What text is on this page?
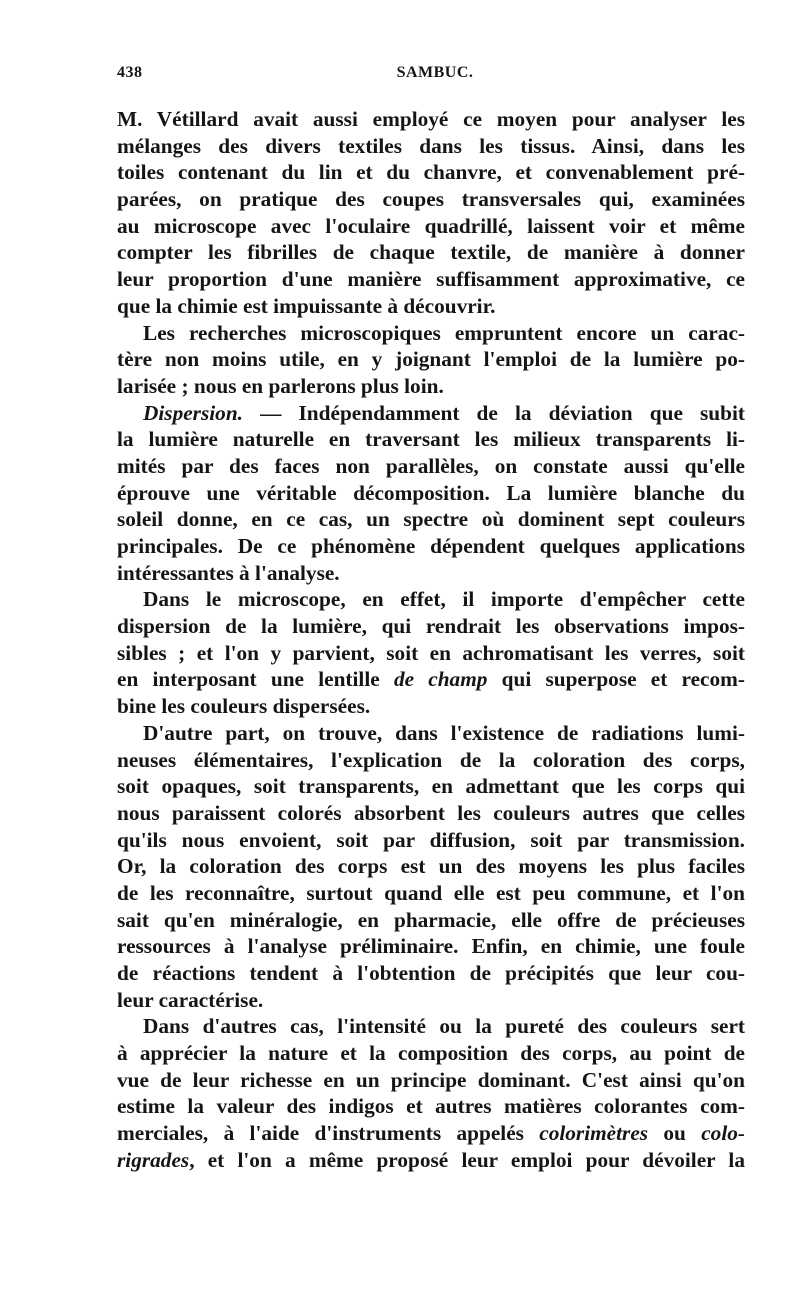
438	SAMBUC.
M. Vétillard avait aussi employé ce moyen pour analyser les
mélanges des divers textiles dans les tissus. Ainsi, dans les
toiles contenant du lin et du chanvre, et convenablement pré-
parées, on pratique des coupes transversales qui, examinées
au microscope avec l'oculaire quadrillé, laissent voir et même
compter les fibrilles de chaque textile, de manière à donner
leur proportion d'une manière suffisamment approximative, ce
que la chimie est impuissante à découvrir.
Les recherches microscopiques empruntent encore un carac-
tère non moins utile, en y joignant l'emploi de la lumière po-
larisée ; nous en parlerons plus loin.
Dispersion. — Indépendamment de la déviation que subit
la lumière naturelle en traversant les milieux transparents li-
mités par des faces non parallèles, on constate aussi qu'elle
éprouve une véritable décomposition. La lumière blanche du
soleil donne, en ce cas, un spectre où dominent sept couleurs
principales. De ce phénomène dépendent quelques applications
intéressantes à l'analyse.
Dans le microscope, en effet, il importe d'empêcher cette
dispersion de la lumière, qui rendrait les observations impos-
sibles ; et l'on y parvient, soit en achromatisant les verres, soit
en interposant une lentille de champ qui superpose et recom-
bine les couleurs dispersées.
D'autre part, on trouve, dans l'existence de radiations lumi-
neuses élémentaires, l'explication de la coloration des corps,
soit opaques, soit transparents, en admettant que les corps qui
nous paraissent colorés absorbent les couleurs autres que celles
qu'ils nous envoient, soit par diffusion, soit par transmission.
Or, la coloration des corps est un des moyens les plus faciles
de les reconnaître, surtout quand elle est peu commune, et l'on
sait qu'en minéralogie, en pharmacie, elle offre de précieuses
ressources à l'analyse préliminaire. Enfin, en chimie, une foule
de réactions tendent à l'obtention de précipités que leur cou-
leur caractérise.
Dans d'autres cas, l'intensité ou la pureté des couleurs sert
à apprécier la nature et la composition des corps, au point de
vue de leur richesse en un principe dominant. C'est ainsi qu'on
estime la valeur des indigos et autres matières colorantes com-
merciales, à l'aide d'instruments appelés colorimètres ou colo-
rigrades, et l'on a même proposé leur emploi pour dévoiler la
